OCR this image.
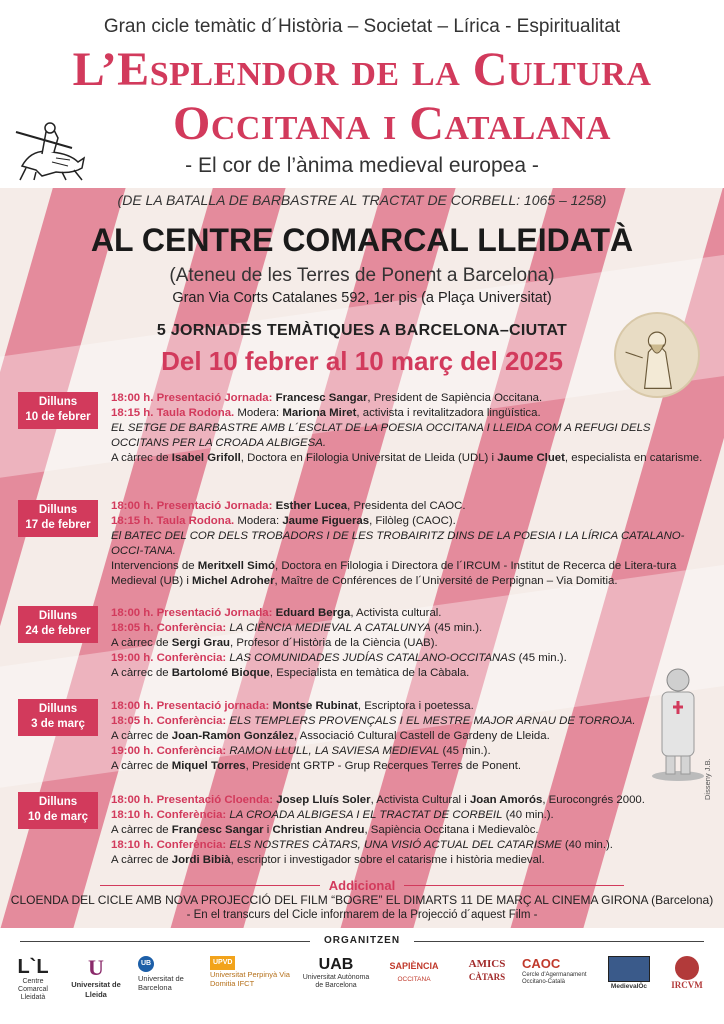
Gran cicle temàtic d´Història – Societat – Lírica - Espiritualitat
L’Esplendor de la Cultura
Occitana i Catalana
- El cor de l’ànima medieval europea -
(DE LA BATALLA DE BARBASTRE AL TRACTAT DE CORBELL: 1065 – 1258)
AL CENTRE COMARCAL LLEIDATÀ
(Ateneu de les Terres de Ponent a Barcelona)
Gran Via Corts Catalanes 592, 1er pis (a Plaça Universitat)
5 JORNADES TEMÀTIQUES A BARCELONA–CIUTAT
Del 10 febrer al 10 març del 2025
Dilluns
10 de febrer

18:00 h. Presentació Jornada: Francesc Sangar, President de Sapiència Occitana.

18:15 h. Taula Rodona. Modera: Mariona Miret, activista i revitalitzadora lingüística.

EL SETGE DE BARBASTRE AMB L´ESCLAT DE LA POESIA OCCITANA I LLEIDA COM A REFUGI DELS OCCITANS PER LA CROADA ALBIGESA.

A càrrec de Isabel Grifoll, Doctora en Filologia Universitat de Lleida (UDL) i Jaume Cluet, especialista en catarisme.

Dilluns
17 de febrer

18:00 h. Presentació Jornada: Esther Lucea, Presidenta del CAOC.

18:15 h. Taula Rodona. Modera: Jaume Figueras, Filòleg (CAOC).

El BATEC DEL COR DELS TROBADORS I DE LES TROBAIRITZ DINS DE LA POESIA I LA LÍRICA CATALANO-OCCI-TANA.

Intervencions de Meritxell Simó, Doctora en Filologia i Directora de l´IRCUM - Institut de Recerca de Litera-tura Medieval (UB) i Michel Adroher, Maître de Conférences de l´Université de Perpignan – Via Domitia.

Dilluns
24 de febrer

18:00 h. Presentació Jornada: Eduard Berga, Activista cultural.

18:05 h. Conferència: LA CIÈNCIA MEDIEVAL A CATALUNYA (45 min.).

A càrrec de Sergi Grau, Profesor d´Història de la Ciència (UAB).

19:00 h. Conferència: LAS COMUNIDADES JUDÍAS CATALANO-OCCITANAS (45 min.).

A càrrec de Bartolomé Bioque, Especialista en temàtica de la Càbala.

Dilluns
3 de març

18:00 h. Presentació jornada: Montse Rubinat, Escriptora i poetessa.

18:05 h. Conferència: ELS TEMPLERS PROVENÇALS I EL MESTRE MAJOR ARNAU DE TORROJA.

A càrrec de Joan-Ramon González, Associació Cultural Castell de Gardeny de Lleida.

19:00 h. Conferència: RAMON LLULL, LA SAVIESA MEDIEVAL (45 min.).

A càrrec de Miquel Torres, President GRTP - Grup Recerques Terres de Ponent.

Dilluns
10 de març

18:00 h. Presentació Cloenda: Josep Lluís Soler, Activista Cultural i Joan Amorós, Eurocongrés 2000.

18:10 h. Conferència: LA CROADA ALBIGESA I EL TRACTAT DE CORBEIL (40 min.).

A càrrec de Francesc Sangar i Christian Andreu, Sapiència Occitana i Medievalòc.

18:10 h. Conferència: ELS NOSTRES CÀTARS, UNA VISIÓ ACTUAL DEL CATARISME (40 min.).

A càrrec de Jordi Bibià, escriptor i investigador sobre el catarisme i història medieval.

Disseny J.B.
Addicional
CLOENDA DEL CICLE AMB NOVA PROJECCIÓ DEL FILM “BOGRE” EL DIMARTS 11 DE MARÇ AL CINEMA GIRONA (Barcelona)
- En el transcurs del Cicle informarem de la Projecció d´aquest Film -
ORGANITZEN
L`L
Centre Comarcal Lleidatà
U
Universitat de Lleida
UB
Universitat de Barcelona
UPVD
Universitat Perpinyà Via Domitia IFCT
UAB
Universitat Autònoma de Barcelona
SAPIÈNCIA
OCCITANA
AMICS
CÀTARS
CAOC
Cercle d'Agermanament Occitano-Català
MedievalÒc	IRCVM
